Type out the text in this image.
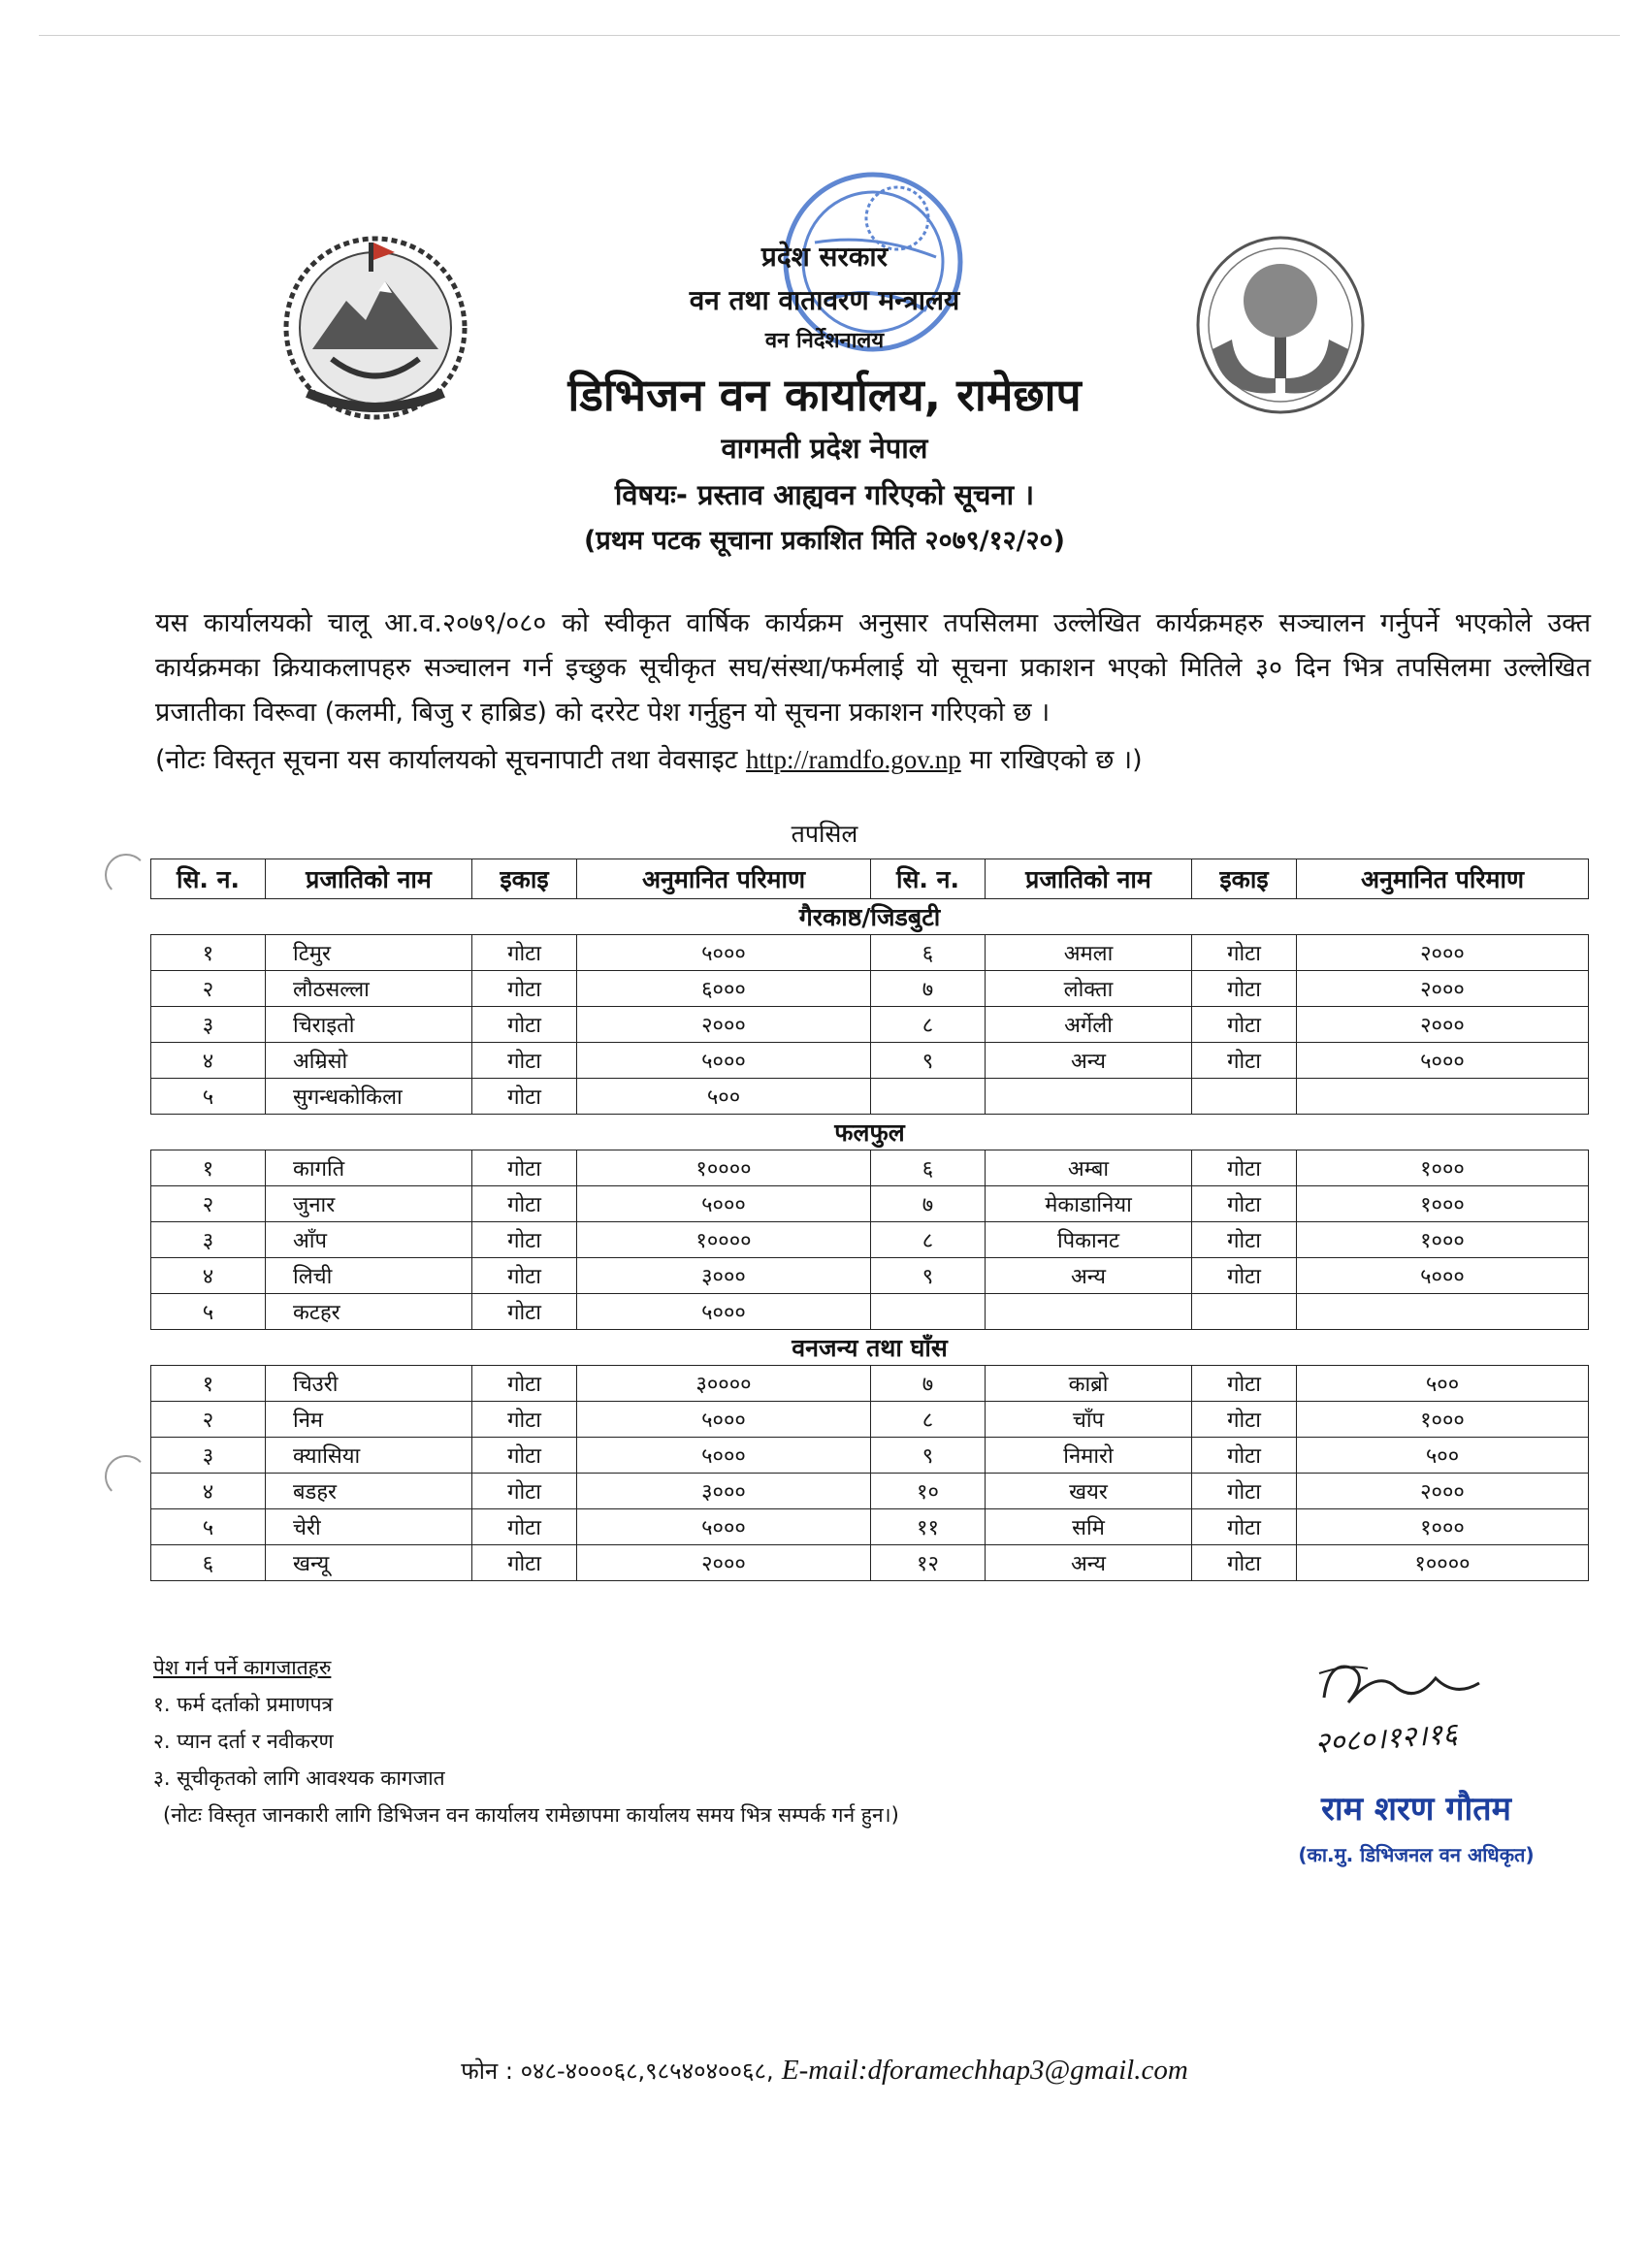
प्रदेश सरकार
वन तथा वातावरण मन्त्रालय
वन निर्देशनालय
डिभिजन वन कार्यालय, रामेछाप
वागमती प्रदेश नेपाल
विषयः- प्रस्ताव आह्यवन गरिएको सूचना ।
(प्रथम पटक सूचाना प्रकाशित मिति २०७९/१२/२०)
यस कार्यालयको चालू आ.व.२०७९/०८० को स्वीकृत वार्षिक कार्यक्रम अनुसार तपसिलमा उल्लेखित कार्यक्रमहरु सञ्चालन गर्नुपर्ने भएकोले उक्त कार्यक्रमका क्रियाकलापहरु सञ्चालन गर्न इच्छुक सूचीकृत सघ/संस्था/फर्मलाई यो सूचना प्रकाशन भएको मितिले ३० दिन भित्र तपसिलमा उल्लेखित प्रजातीका विरूवा (कलमी, बिजु र हाब्रिड) को दररेट पेश गर्नुहुन यो सूचना प्रकाशन गरिएको छ ।
(नोटः विस्तृत सूचना यस कार्यालयको सूचनापाटी तथा वेवसाइट http://ramdfo.gov.np मा राखिएको छ ।)
तपसिल
सि. न.	प्रजातिको नाम	इकाइ	अनुमानित परिमाण	सि. न.	प्रजातिको नाम	इकाइ	अनुमानित परिमाण
गैरकाष्ठ/जिडबुटी							
१	टिमुर	गोटा	५०००	६	अमला	गोटा	२०००
२	लौठसल्ला	गोटा	६०००	७	लोक्ता	गोटा	२०००
३	चिराइतो	गोटा	२०००	८	अर्गेली	गोटा	२०००
४	अम्रिसो	गोटा	५०००	९	अन्य	गोटा	५०००
५	सुगन्धकोकिला	गोटा	५००				
फलफुल							
१	कागति	गोटा	१००००	६	अम्बा	गोटा	१०००
२	जुनार	गोटा	५०००	७	मेकाडानिया	गोटा	१०००
३	आँप	गोटा	१००००	८	पिकानट	गोटा	१०००
४	लिची	गोटा	३०००	९	अन्य	गोटा	५०००
५	कटहर	गोटा	५०००				
वनजन्य तथा घाँस							
१	चिउरी	गोटा	३००००	७	काब्रो	गोटा	५००
२	निम	गोटा	५०००	८	चाँप	गोटा	१०००
३	क्यासिया	गोटा	५०००	९	निमारो	गोटा	५००
४	बडहर	गोटा	३०००	१०	खयर	गोटा	२०००
५	चेरी	गोटा	५०००	११	समि	गोटा	१०००
६	खन्यू	गोटा	२०००	१२	अन्य	गोटा	१००००
पेश गर्न पर्ने कागजातहरु
१. फर्म दर्ताको प्रमाणपत्र
२. प्यान दर्ता र नवीकरण
३. सूचीकृतको लागि आवश्यक कागजात
(नोटः विस्तृत जानकारी लागि डिभिजन वन कार्यालय रामेछापमा कार्यालय समय भित्र सम्पर्क गर्न हुन।)
२०८०।१२।१६
राम शरण गौतम
(का.मु. डिभिजनल वन अधिकृत)
फोन : ०४८-४०००६८,९८५४०४००६८, E-mail:dforamechhap3@gmail.com
